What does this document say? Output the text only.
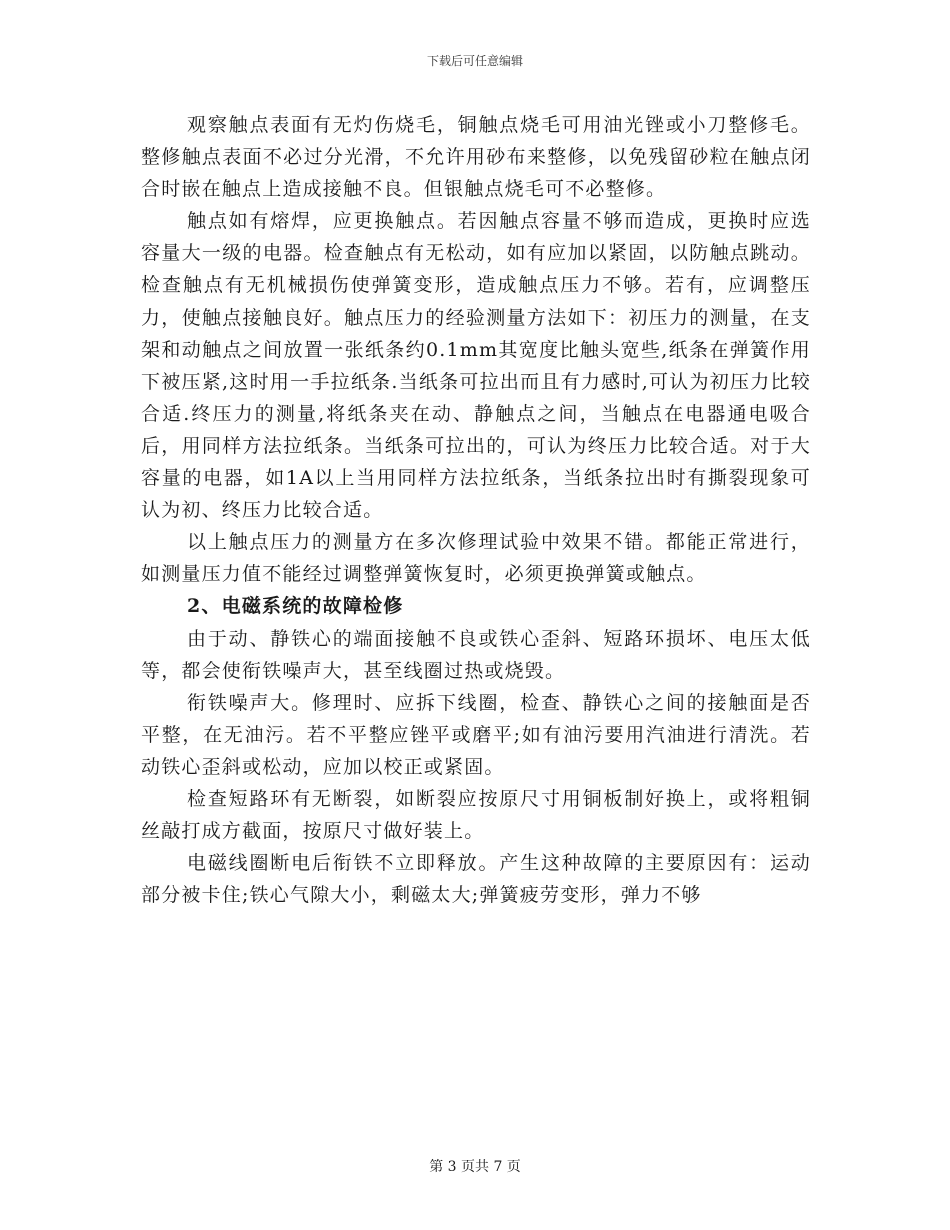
下载后可任意编辑

观察触点表面有无灼伤烧毛，铜触点烧毛可用油光锉或小刀整修毛。整修触点表面不必过分光滑，不允许用砂布来整修，以免残留砂粒在触点闭合时嵌在触点上造成接触不良。但银触点烧毛可不必整修。

触点如有熔焊，应更换触点。若因触点容量不够而造成，更换时应选容量大一级的电器。检查触点有无松动，如有应加以紧固，以防触点跳动。检查触点有无机械损伤使弹簧变形，造成触点压力不够。若有，应调整压力，使触点接触良好。触点压力的经验测量方法如下：初压力的测量，在支架和动触点之间放置一张纸条约0.1mm其宽度比触头宽些,纸条在弹簧作用下被压紧,这时用一手拉纸条.当纸条可拉出而且有力感时,可认为初压力比较合适.终压力的测量,将纸条夹在动、静触点之间，当触点在电器通电吸合后，用同样方法拉纸条。当纸条可拉出的，可认为终压力比较合适。对于大容量的电器，如1A以上当用同样方法拉纸条，当纸条拉出时有撕裂现象可认为初、终压力比较合适。

以上触点压力的测量方在多次修理试验中效果不错。都能正常进行，如测量压力值不能经过调整弹簧恢复时，必须更换弹簧或触点。

2、电磁系统的故障检修

由于动、静铁心的端面接触不良或铁心歪斜、短路环损坏、电压太低等，都会使衔铁噪声大，甚至线圈过热或烧毁。

衔铁噪声大。修理时、应拆下线圈，检查、静铁心之间的接触面是否平整，在无油污。若不平整应锉平或磨平;如有油污要用汽油进行清洗。若动铁心歪斜或松动，应加以校正或紧固。

检查短路环有无断裂，如断裂应按原尺寸用铜板制好换上，或将粗铜丝敲打成方截面，按原尺寸做好装上。

电磁线圈断电后衔铁不立即释放。产生这种故障的主要原因有：运动部分被卡住;铁心气隙大小，剩磁太大;弹簧疲劳变形，弹力不够

第 3 页共 7 页
